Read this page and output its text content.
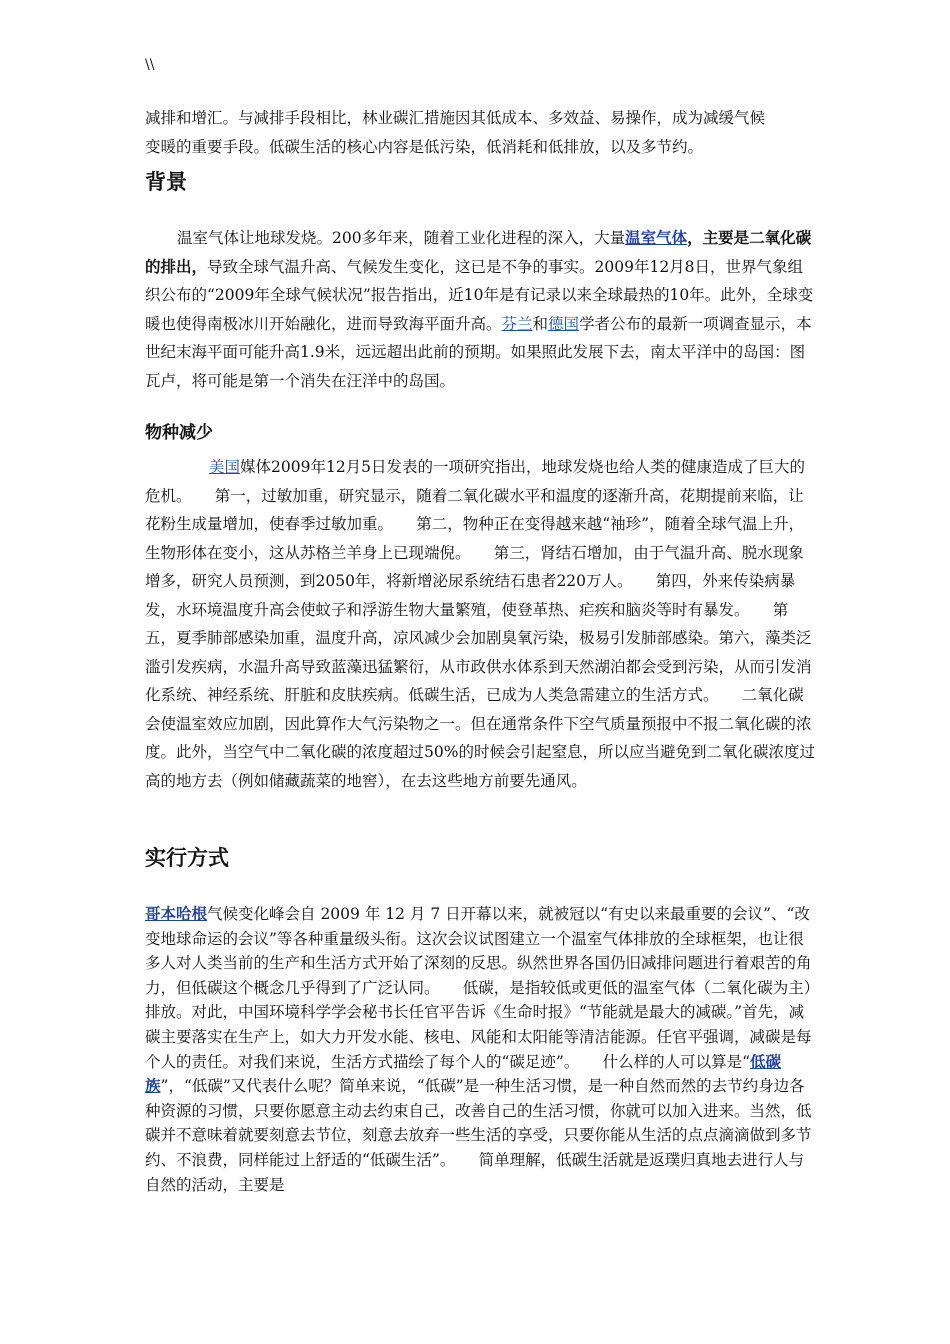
\\

减排和增汇。与减排手段相比，林业碳汇措施因其低成本、多效益、易操作，成为减缓气候
变暖的重要手段。低碳生活的核心内容是低污染，低消耗和低排放，以及多节约。

背景

温室气体让地球发烧。200多年来，随着工业化进程的深入，大量温室气体，主要是二氧化碳的排出，导致全球气温升高、气候发生变化，这已是不争的事实。2009年12月8日，世界气象组织公布的“2009年全球气候状况”报告指出，近10年是有记录以来全球最热的10年。此外，全球变暖也使得南极冰川开始融化，进而导致海平面升高。芬兰和德国学者公布的最新一项调查显示，本世纪末海平面可能升高1.9米，远远超出此前的预期。如果照此发展下去，南太平洋中的岛国：图瓦卢，将可能是第一个消失在汪洋中的岛国。

物种减少

美国媒体2009年12月5日发表的一项研究指出，地球发烧也给人类的健康造成了巨大的危机。　　第一，过敏加重，研究显示，随着二氧化碳水平和温度的逐渐升高，花期提前来临，让花粉生成量增加，使春季过敏加重。　　第二，物种正在变得越来越“袖珍”，随着全球气温上升，生物形体在变小，这从苏格兰羊身上已现端倪。　　第三，肾结石增加，由于气温升高、脱水现象增多，研究人员预测，到2050年，将新增泌尿系统结石患者220万人。　　第四，外来传染病暴发，水环境温度升高会使蚊子和浮游生物大量繁殖，使登革热、疟疾和脑炎等时有暴发。　　第五，夏季肺部感染加重，温度升高，凉风减少会加剧臭氧污染，极易引发肺部感染。第六，藻类泛滥引发疾病，水温升高导致蓝藻迅猛繁衍，从市政供水体系到天然湖泊都会受到污染，从而引发消化系统、神经系统、肝脏和皮肤疾病。低碳生活，已成为人类急需建立的生活方式。　　二氧化碳会使温室效应加剧，因此算作大气污染物之一。但在通常条件下空气质量预报中不报二氧化碳的浓度。此外，当空气中二氧化碳的浓度超过50%的时候会引起窒息，所以应当避免到二氧化碳浓度过高的地方去（例如储藏蔬菜的地窖），在去这些地方前要先通风。

实行方式

哥本哈根气候变化峰会自 2009 年 12 月 7 日开幕以来，就被冠以“有史以来最重要的会议”、“改变地球命运的会议”等各种重量级头衔。这次会议试图建立一个温室气体排放的全球框架，也让很多人对人类当前的生产和生活方式开始了深刻的反思。纵然世界各国仍旧减排问题进行着艰苦的角力，但低碳这个概念几乎得到了广泛认同。　　低碳，是指较低或更低的温室气体（二氧化碳为主）排放。对此，中国环境科学学会秘书长任官平告诉《生命时报》“节能就是最大的减碳。”首先，减碳主要落实在生产上，如大力开发水能、核电、风能和太阳能等清洁能源。任官平强调，减碳是每个人的责任。对我们来说，生活方式描绘了每个人的“碳足迹”。　　什么样的人可以算是“低碳族”，“低碳”又代表什么呢？简单来说，“低碳”是一种生活习惯，是一种自然而然的去节约身边各种资源的习惯，只要你愿意主动去约束自己，改善自己的生活习惯，你就可以加入进来。当然，低碳并不意味着就要刻意去节位，刻意去放弃一些生活的享受，只要你能从生活的点点滴滴做到多节约、不浪费，同样能过上舒适的“低碳生活”。　　简单理解，低碳生活就是返璞归真地去进行人与自然的活动，主要是
